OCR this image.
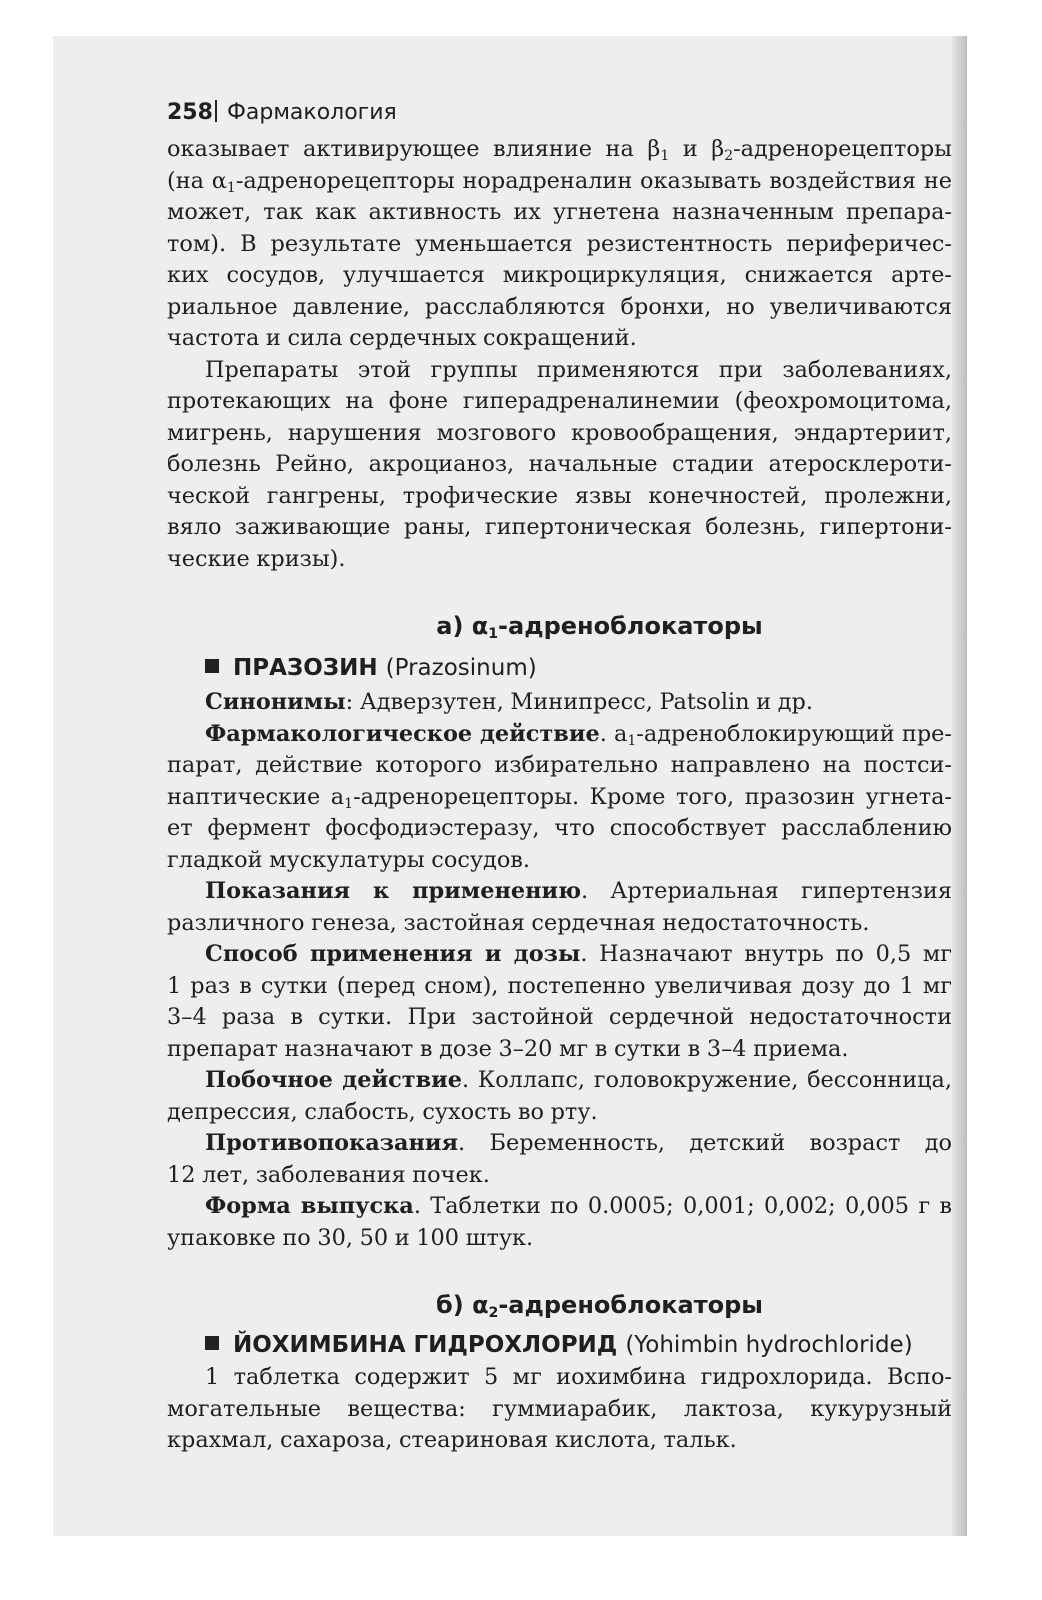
258 Фармакология

оказывает активирующее влияние на $\beta_1$ и $\beta_2$-адренорецепторы
(на $\alpha_1$-адренорецепторы норадреналин оказывать воздействия не
может, так как активность их угнетена назначенным препара-
том). В результате уменьшается резистентность периферичес-
ких сосудов, улучшается микроциркуляция, снижается арте-
риальное давление, расслабляются бронхи, но увеличиваются
частота и сила сердечных сокращений.

Препараты этой группы применяются при заболеваниях,
протекающих на фоне гиперадреналинемии (феохромоцитома,
мигрень, нарушения мозгового кровообращения, эндартериит,
болезнь Рейно, акроцианоз, начальные стадии атеросклероти-
ческой гангрены, трофические язвы конечностей, пролежни,
вяло заживающие раны, гипертоническая болезнь, гипертони-
ческие кризы).

а) $\alpha_1$-адреноблокаторы
ПРАЗОЗИН (Prazosinum)

Синонимы: Адверзутен, Минипресс, Patsolin и др.

Фармакологическое действие. $а_1$-адреноблокирующий пре-
парат, действие которого избирательно направлено на постси-
наптические $а_1$-адренорецепторы. Кроме того, празозин угнета-
ет фермент фосфодиэстеразу, что способствует расслаблению
гладкой мускулатуры сосудов.

Показания к применению. Артериальная гипертензия
различного генеза, застойная сердечная недостаточность.

Способ применения и дозы. Назначают внутрь по 0,5 мг
1 раз в сутки (перед сном), постепенно увеличивая дозу до 1 мг
3–4 раза в сутки. При застойной сердечной недостаточности
препарат назначают в дозе 3–20 мг в сутки в 3–4 приема.

Побочное действие. Коллапс, головокружение, бессонница,
депрессия, слабость, сухость во рту.

Противопоказания. Беременность, детский возраст до
12 лет, заболевания почек.

Форма выпуска. Таблетки по 0.0005; 0,001; 0,002; 0,005 г в
упаковке по 30, 50 и 100 штук.

б) $\alpha_2$-адреноблокаторы
ЙОХИМБИНА ГИДРОХЛОРИД (Yohimbin hydrochloride)

1 таблетка содержит 5 мг иохимбина гидрохлорида. Вспо-
могательные вещества: гуммиарабик, лактоза, кукурузный
крахмал, сахароза, стеариновая кислота, тальк.
